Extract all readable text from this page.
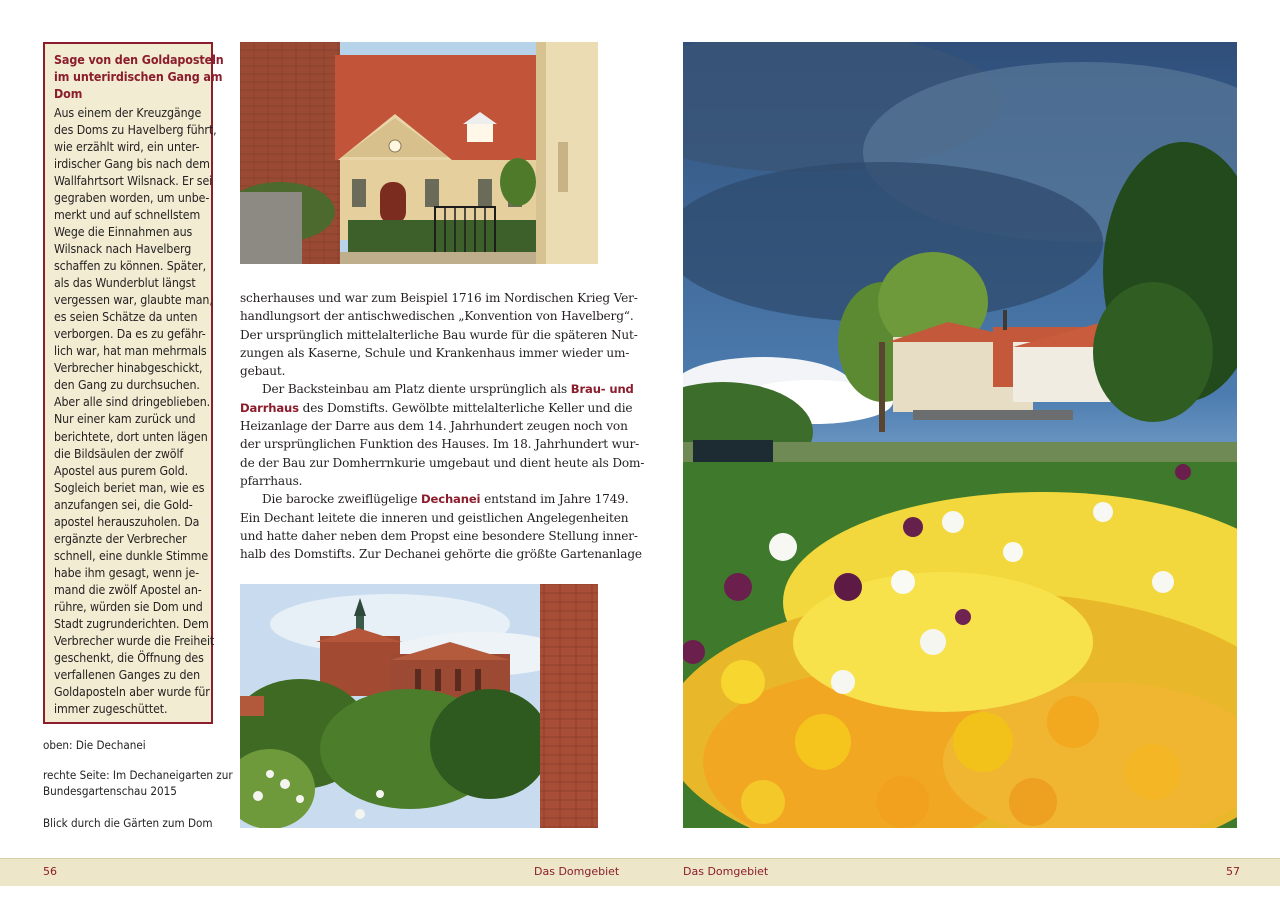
Sage von den Goldaposteln
im unterirdischen Gang am
Dom
Aus einem der Kreuzgänge
des Doms zu Havelberg führt,
wie erzählt wird, ein unter-
irdischer Gang bis nach dem
Wallfahrtsort Wilsnack. Er sei
gegraben worden, um unbe-
merkt und auf schnellstem
Wege die Einnahmen aus
Wilsnack nach Havelberg
schaffen zu können. Später,
als das Wunderblut längst
vergessen war, glaubte man,
es seien Schätze da unten
verborgen. Da es zu gefähr-
lich war, hat man mehrmals
Verbrecher hinabgeschickt,
den Gang zu durchsuchen.
Aber alle sind dringeblieben.
Nur einer kam zurück und
berichtete, dort unten lägen
die Bildsäulen der zwölf
Apostel aus purem Gold.
Sogleich beriet man, wie es
anzufangen sei, die Gold-
apostel herauszuholen. Da
ergänzte der Verbrecher
schnell, eine dunkle Stimme
habe ihm gesagt, wenn je-
mand die zwölf Apostel an-
rühre, würden sie Dom und
Stadt zugrunderichten. Dem
Verbrecher wurde die Freiheit
geschenkt, die Öffnung des
verfallenen Ganges zu den
Goldaposteln aber wurde für
immer zugeschüttet.
oben: Die Dechanei
rechte Seite: Im Dechaneigarten zur
Bundesgartenschau 2015
Blick durch die Gärten zum Dom
scherhauses und war zum Beispiel 1716 im Nordischen Krieg Ver-
handlungsort der antischwedischen „Konvention von Havelberg“.
Der ursprünglich mittelalterliche Bau wurde für die späteren Nut-
zungen als Kaserne, Schule und Krankenhaus immer wieder um-
gebaut.
Der Backsteinbau am Platz diente ursprünglich als Brau- und
Darrhaus des Domstifts. Gewölbte mittelalterliche Keller und die
Heizanlage der Darre aus dem 14. Jahrhundert zeugen noch von
der ursprünglichen Funktion des Hauses. Im 18. Jahrhundert wur-
de der Bau zur Domherrnkurie umgebaut und dient heute als Dom-
pfarrhaus.
Die barocke zweiflügelige Dechanei entstand im Jahre 1749.
Ein Dechant leitete die inneren und geistlichen Angelegenheiten
und hatte daher neben dem Propst eine besondere Stellung inner-
halb des Domstifts. Zur Dechanei gehörte die größte Gartenanlage
56	Das Domgebiet	Das Domgebiet	57
